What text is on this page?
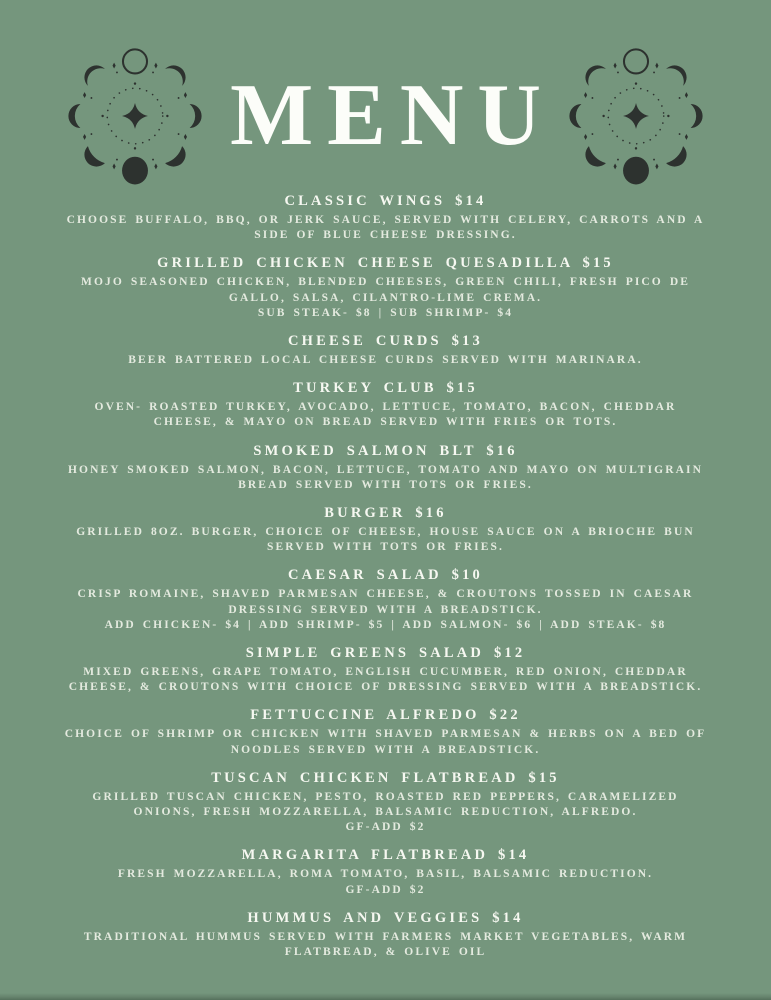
MENU
CLASSIC WINGS $14

CHOOSE BUFFALO, BBQ, OR JERK SAUCE, SERVED WITH CELERY, CARROTS AND A SIDE OF BLUE CHEESE DRESSING.

GRILLED CHICKEN CHEESE QUESADILLA $15

MOJO SEASONED CHICKEN, BLENDED CHEESES, GREEN CHILI, FRESH PICO DE GALLO, SALSA, CILANTRO-LIME CREMA.

SUB STEAK- $8 | SUB SHRIMP- $4

CHEESE CURDS $13

BEER BATTERED LOCAL CHEESE CURDS SERVED WITH MARINARA.

TURKEY CLUB $15

OVEN- ROASTED TURKEY, AVOCADO, LETTUCE, TOMATO, BACON, CHEDDAR CHEESE, & MAYO ON BREAD SERVED WITH FRIES OR TOTS.

SMOKED SALMON BLT $16

HONEY SMOKED SALMON, BACON, LETTUCE, TOMATO AND MAYO ON MULTIGRAIN BREAD SERVED WITH TOTS OR FRIES.

BURGER $16

GRILLED 8OZ. BURGER, CHOICE OF CHEESE, HOUSE SAUCE ON A BRIOCHE BUN SERVED WITH TOTS OR FRIES.

CAESAR SALAD $10

CRISP ROMAINE, SHAVED PARMESAN CHEESE, & CROUTONS TOSSED IN CAESAR DRESSING SERVED WITH A BREADSTICK.

ADD CHICKEN- $4 | ADD SHRIMP- $5 | ADD SALMON- $6 | ADD STEAK- $8

SIMPLE GREENS SALAD $12

MIXED GREENS, GRAPE TOMATO, ENGLISH CUCUMBER, RED ONION, CHEDDAR CHEESE, & CROUTONS WITH CHOICE OF DRESSING SERVED WITH A BREADSTICK.

FETTUCCINE ALFREDO $22

CHOICE OF SHRIMP OR CHICKEN WITH SHAVED PARMESAN & HERBS ON A BED OF NOODLES SERVED WITH A BREADSTICK.

TUSCAN CHICKEN FLATBREAD $15

GRILLED TUSCAN CHICKEN, PESTO, ROASTED RED PEPPERS, CARAMELIZED ONIONS, FRESH MOZZARELLA, BALSAMIC REDUCTION, ALFREDO.

GF-ADD $2

MARGARITA FLATBREAD $14

FRESH MOZZARELLA, ROMA TOMATO, BASIL, BALSAMIC REDUCTION.

GF-ADD $2

HUMMUS AND VEGGIES $14

TRADITIONAL HUMMUS SERVED WITH FARMERS MARKET VEGETABLES, WARM FLATBREAD, & OLIVE OIL
